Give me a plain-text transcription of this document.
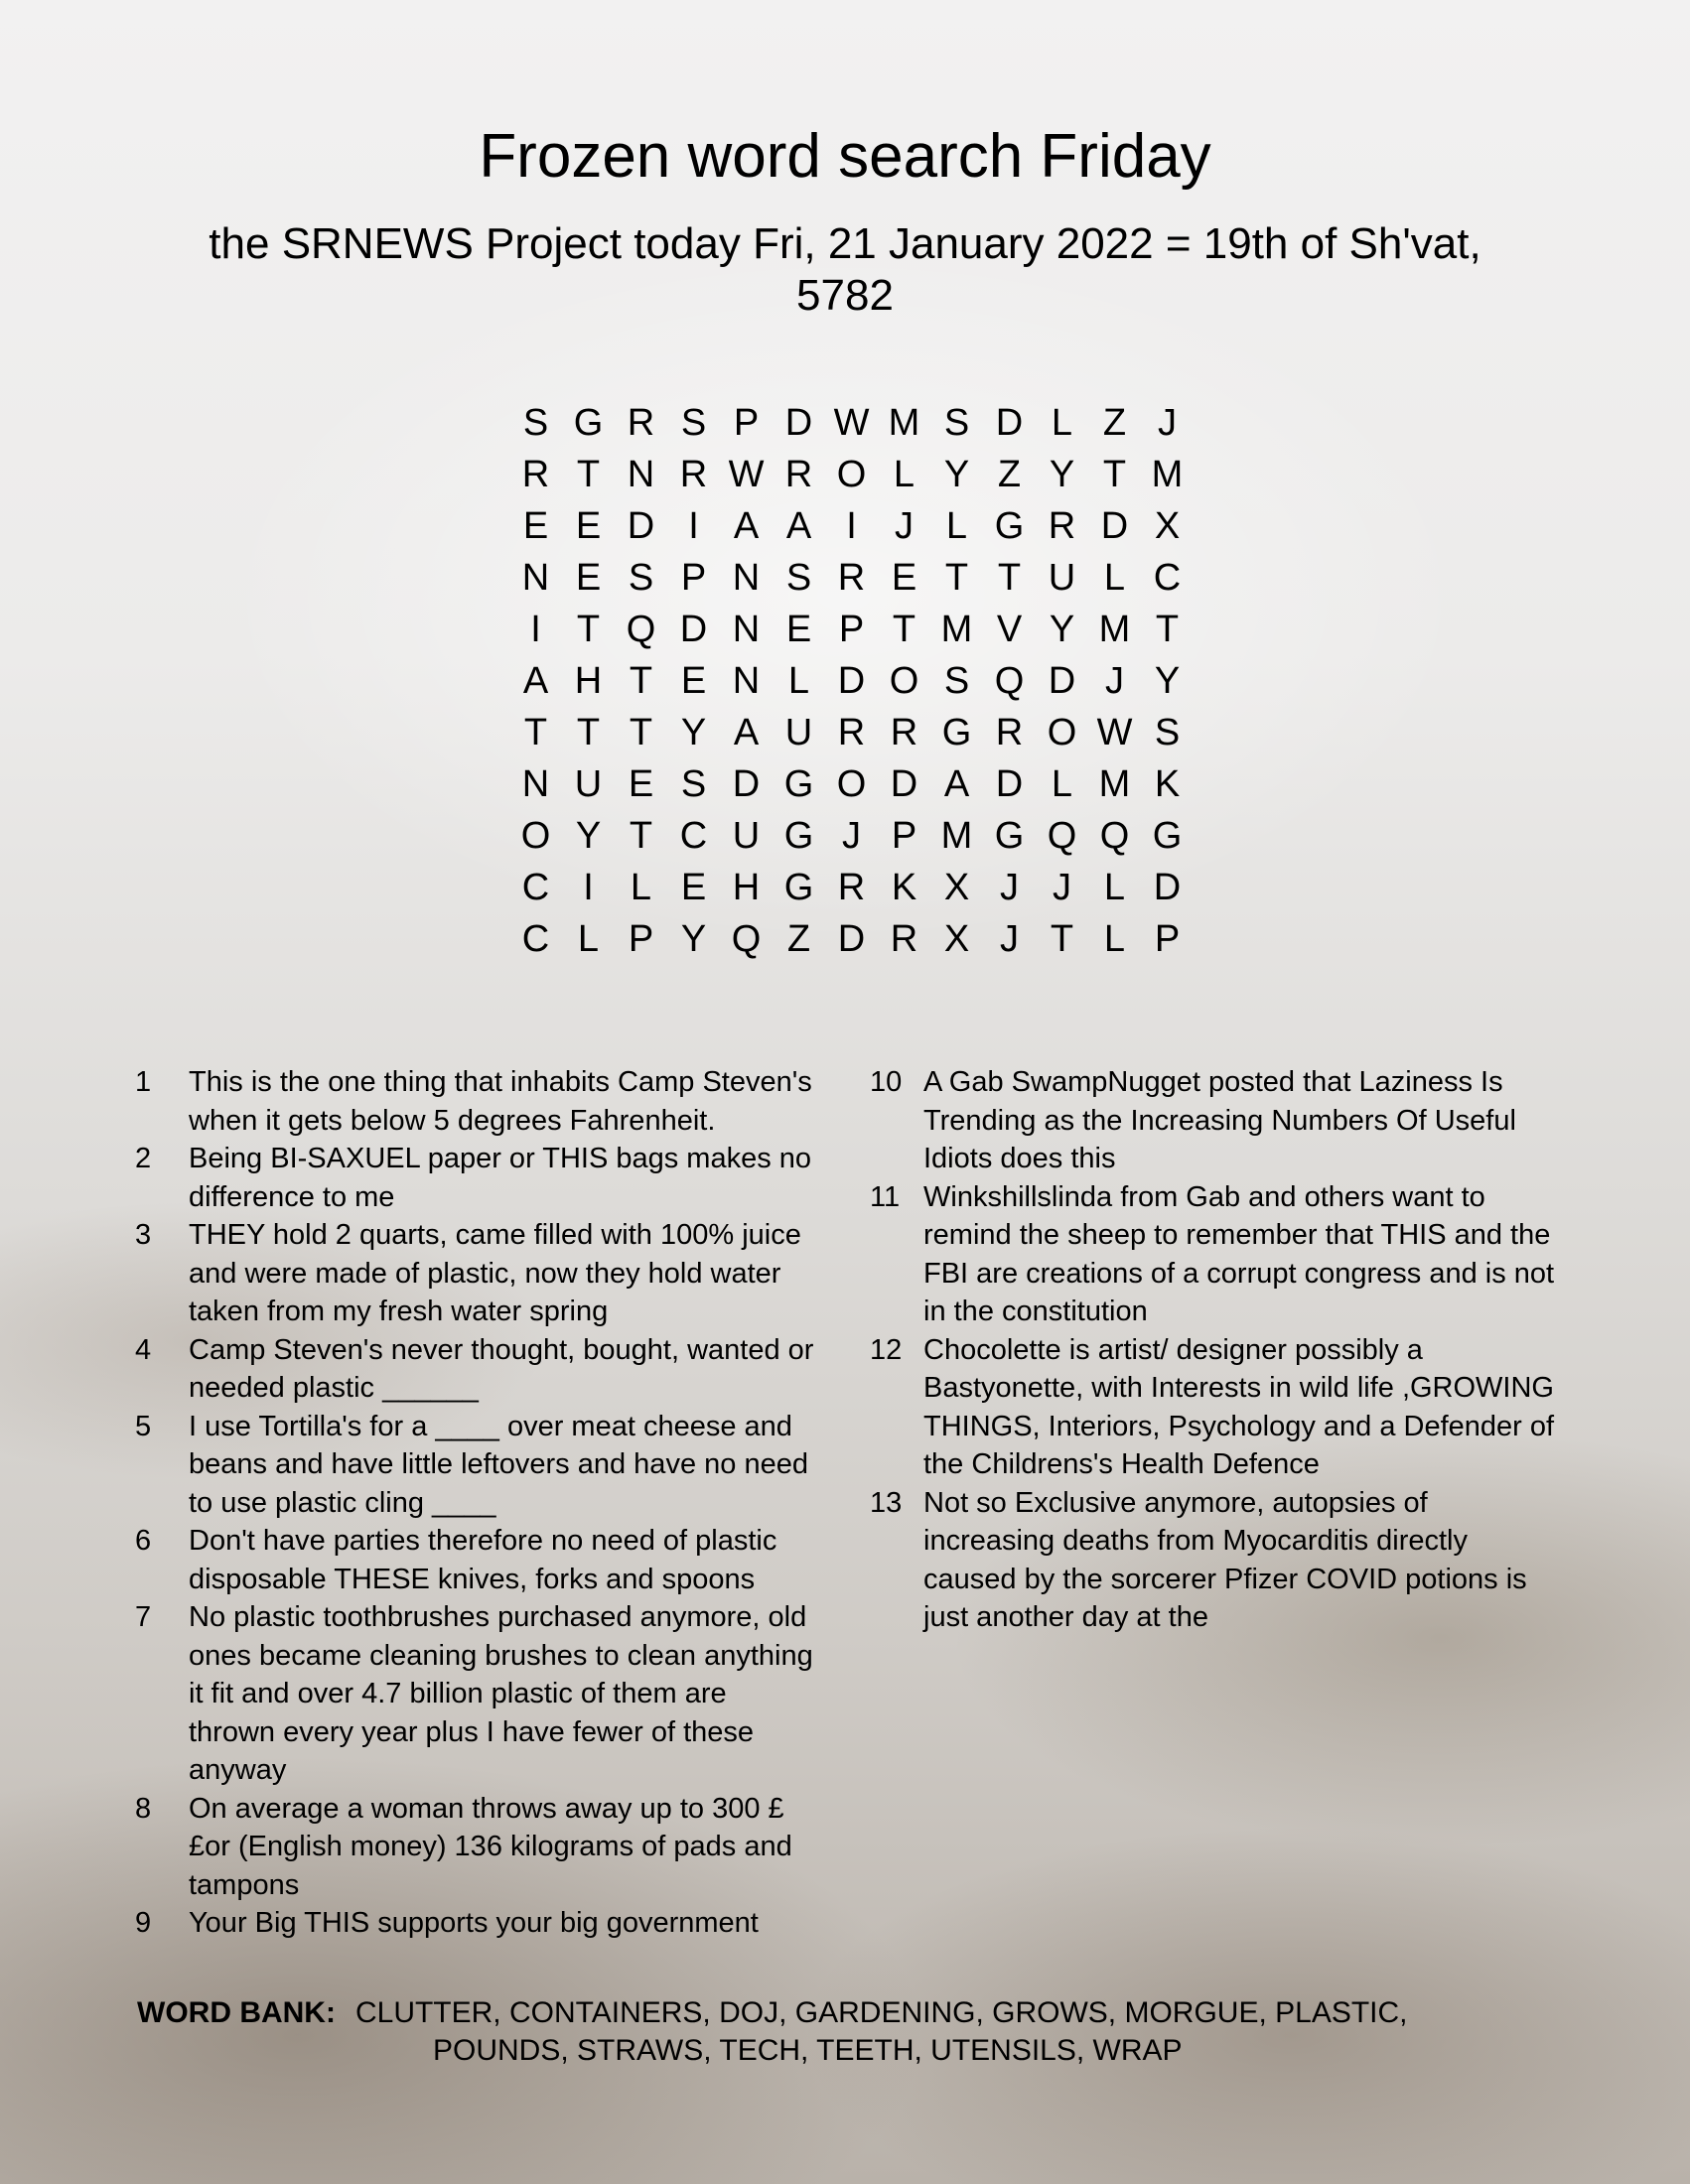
Frozen word search Friday
the SRNEWS Project today Fri, 21 January 2022 = 19th of Sh'vat, 5782
S G R S P D W M S D L Z J
R T N R W R O L Y Z Y T M
E E D I A A I	J L G R D X
N E S P N S R E T T U L C
I T Q D N E P T M V Y M T
A H T E N L D O S Q D J Y
T T T Y A U R R G R O W S
N U E S D G O D A D L M K
O Y T C U G J P M G Q Q G
C I L E H G R K X J J L D
C L P Y Q Z D R X J T L P
1	This is the one thing that inhabits Camp Steven's when it gets below 5 degrees Fahrenheit.
2	Being BI-SAXUEL paper or THIS bags makes no difference to me
3	THEY hold 2 quarts, came filled with 100% juice and were made of plastic, now they hold water taken from my fresh water spring
4	Camp Steven's never thought, bought, wanted or needed plastic ______
5	I use Tortilla's for a ____ over meat cheese and beans and have little leftovers and have no need to use plastic cling ____
6	Don't have parties therefore no need of plastic disposable THESE knives, forks and spoons
7	No plastic toothbrushes purchased anymore, old ones became cleaning brushes to clean anything it fit and over 4.7 billion plastic of them are thrown every year plus I have fewer of these anyway
8	On average a woman throws away up to 300 ££or (English money) 136 kilograms of pads and tampons
9	Your Big THIS supports your big government
10 A Gab SwampNugget posted that Laziness Is Trending as the Increasing Numbers Of Useful Idiots does this
11 Winkshillslinda from Gab and others want to remind the sheep to remember that THIS and the FBI are creations of a corrupt congress and is not in the constitution
12 Chocolette is artist/ designer possibly a Bastyonette, with Interests in wild life ,GROWING THINGS, Interiors, Psychology and a Defender of the Childrens's Health Defence
13 Not so Exclusive anymore, autopsies of increasing deaths from Myocarditis directly caused by the sorcerer Pfizer COVID potions is just another day at the
WORD BANK: CLUTTER, CONTAINERS, DOJ, GARDENING, GROWS, MORGUE, PLASTIC,
POUNDS, STRAWS, TECH, TEETH, UTENSILS, WRAP
